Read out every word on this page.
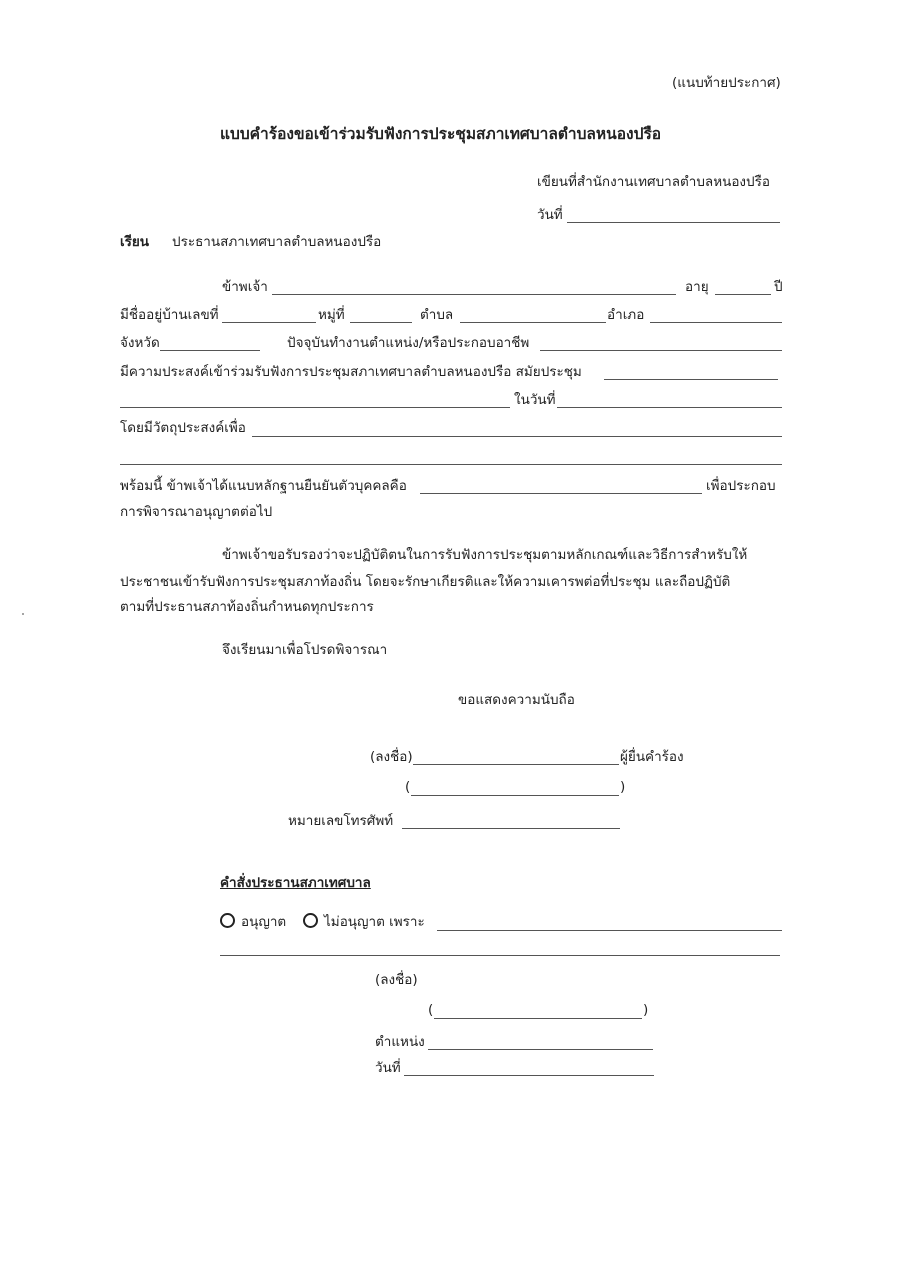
(แนบท้ายประกาศ)
แบบคำร้องขอเข้าร่วมรับฟังการประชุมสภาเทศบาลตำบลหนองปรือ
เขียนที่สำนักงานเทศบาลตำบลหนองปรือ
วันที่
เรียน ประธานสภาเทศบาลตำบลหนองปรือ
ข้าพเจ้า	อายุ	ปี
มีชื่ออยู่บ้านเลขที่	หมู่ที่	ตำบล	อำเภอ
จังหวัด	ปัจจุบันทำงานตำแหน่ง/หรือประกอบอาชีพ
มีความประสงค์เข้าร่วมรับฟังการประชุมสภาเทศบาลตำบลหนองปรือ สมัยประชุม
ในวันที่
โดยมีวัตถุประสงค์เพื่อ
พร้อมนี้ ข้าพเจ้าได้แนบหลักฐานยืนยันตัวบุคคลคือ	เพื่อประกอบ
การพิจารณาอนุญาตต่อไป
ข้าพเจ้าขอรับรองว่าจะปฏิบัติตนในการรับฟังการประชุมตามหลักเกณฑ์และวิธีการสำหรับให้
ประชาชนเข้ารับฟังการประชุมสภาท้องถิ่น โดยจะรักษาเกียรติและให้ความเคารพต่อที่ประชุม และถือปฏิบัติ
ตามที่ประธานสภาท้องถิ่นกำหนดทุกประการ
จึงเรียนมาเพื่อโปรดพิจารณา
ขอแสดงความนับถือ
(ลงชื่อ)	ผู้ยื่นคำร้อง
(	)
หมายเลขโทรศัพท์
คำสั่งประธานสภาเทศบาล
อนุญาต	ไม่อนุญาต เพราะ
(ลงชื่อ)
(	)
ตำแหน่ง
วันที่
